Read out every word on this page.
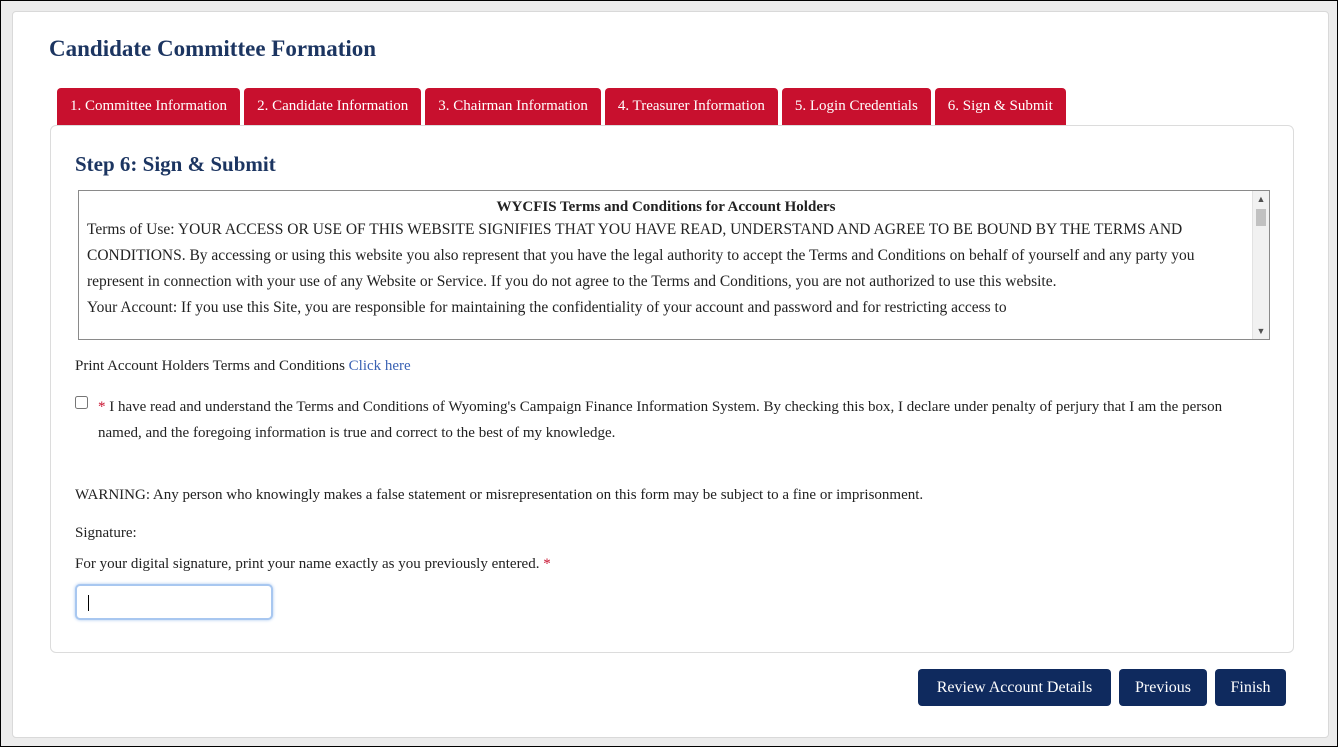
Candidate Committee Formation
1. Committee Information	2. Candidate Information	3. Chairman Information	4. Treasurer Information	5. Login Credentials	6. Sign & Submit
Step 6: Sign & Submit
WYCFIS Terms and Conditions for Account Holders
Terms of Use: YOUR ACCESS OR USE OF THIS WEBSITE SIGNIFIES THAT YOU HAVE READ, UNDERSTAND AND AGREE TO BE BOUND BY THE TERMS AND CONDITIONS. By accessing or using this website you also represent that you have the legal authority to accept the Terms and Conditions on behalf of yourself and any party you represent in connection with your use of any Website or Service. If you do not agree to the Terms and Conditions, you are not authorized to use this website.
Your Account: If you use this Site, you are responsible for maintaining the confidentiality of your account and password and for restricting access to
▲
▼
Print Account Holders Terms and Conditions Click here
* I have read and understand the Terms and Conditions of Wyoming's Campaign Finance Information System. By checking this box, I declare under penalty of perjury that I am the person named, and the foregoing information is true and correct to the best of my knowledge.
WARNING: Any person who knowingly makes a false statement or misrepresentation on this form may be subject to a fine or imprisonment.
Signature:
For your digital signature, print your name exactly as you previously entered. *
Review Account Details	Previous	Finish
